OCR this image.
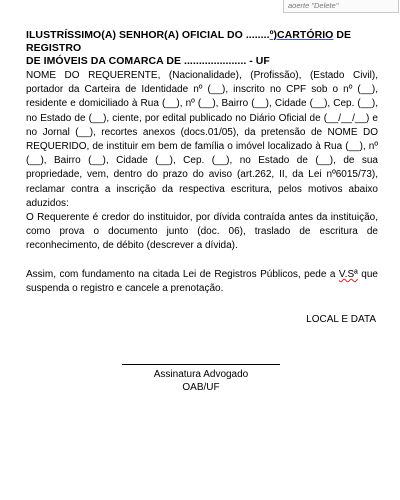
aoerte "Delete"
ILUSTRÍSSIMO(A) SENHOR(A) OFICIAL DO ........º)CARTÓRIO DE REGISTRO
DE IMÓVEIS DA COMARCA DE ..................... - UF
NOME DO REQUERENTE, (Nacionalidade), (Profissão), (Estado Civil), portador da Carteira de Identidade nº (__), inscrito no CPF sob o nº (__), residente e domiciliado à Rua (__), nº (__), Bairro (__), Cidade (__), Cep. (__), no Estado de (__), ciente, por edital publicado no Diário Oficial de (__/__/__) e no Jornal (__), recortes anexos (docs.01/05), da pretensão de NOME DO REQUERIDO, de instituir em bem de família o imóvel localizado à Rua (__), nº (__), Bairro (__), Cidade (__), Cep. (__), no Estado de (__), de sua propriedade, vem, dentro do prazo do aviso (art.262, II, da Lei nº6015/73), reclamar contra a inscrição da respectiva escritura, pelos motivos abaixo aduzidos:
O Requerente é credor do instituidor, por dívida contraída antes da instituição, como prova o documento junto (doc. 06), traslado de escritura de reconhecimento, de débito (descrever a dívida).
Assim, com fundamento na citada Lei de Registros Públicos, pede a V.Sª que suspenda o registro e cancele a prenotação.
LOCAL E DATA
Assinatura Advogado
OAB/UF
